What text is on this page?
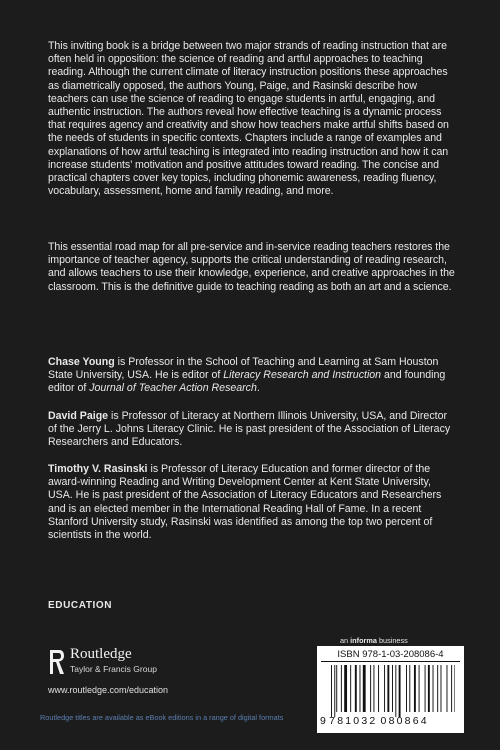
This inviting book is a bridge between two major strands of reading instruction that are often held in opposition: the science of reading and artful approaches to teaching reading. Although the current climate of literacy instruction positions these approaches as diametrically opposed, the authors Young, Paige, and Rasinski describe how teachers can use the science of reading to engage students in artful, engaging, and authentic instruction. The authors reveal how effective teaching is a dynamic process that requires agency and creativity and show how teachers make artful shifts based on the needs of students in specific contexts. Chapters include a range of examples and explanations of how artful teaching is integrated into reading instruction and how it can increase students’ motivation and positive attitudes toward reading. The concise and practical chapters cover key topics, including phonemic awareness, reading fluency, vocabulary, assessment, home and family reading, and more.

This essential road map for all pre-service and in-service reading teachers restores the importance of teacher agency, supports the critical understanding of reading research, and allows teachers to use their knowledge, experience, and creative approaches in the classroom. This is the definitive guide to teaching reading as both an art and a science.

Chase Young is Professor in the School of Teaching and Learning at Sam Houston State University, USA. He is editor of Literacy Research and Instruction and founding editor of Journal of Teacher Action Research.

David Paige is Professor of Literacy at Northern Illinois University, USA, and Director of the Jerry L. Johns Literacy Clinic. He is past president of the Association of Literacy Researchers and Educators.

Timothy V. Rasinski is Professor of Literacy Education and former director of the award-winning Reading and Writing Development Center at Kent State University, USA. He is past president of the Association of Literacy Educators and Researchers and is an elected member in the International Reading Hall of Fame. In a recent Stanford University study, Rasinski was identified as among the top two percent of scientists in the world.

EDUCATION
Routledge
Taylor & Francis Group
www.routledge.com/education
Routledge titles are available as eBook editions in a range of digital formats
an informa business
ISBN 978-1-03-208086-4
9 781032 080864
